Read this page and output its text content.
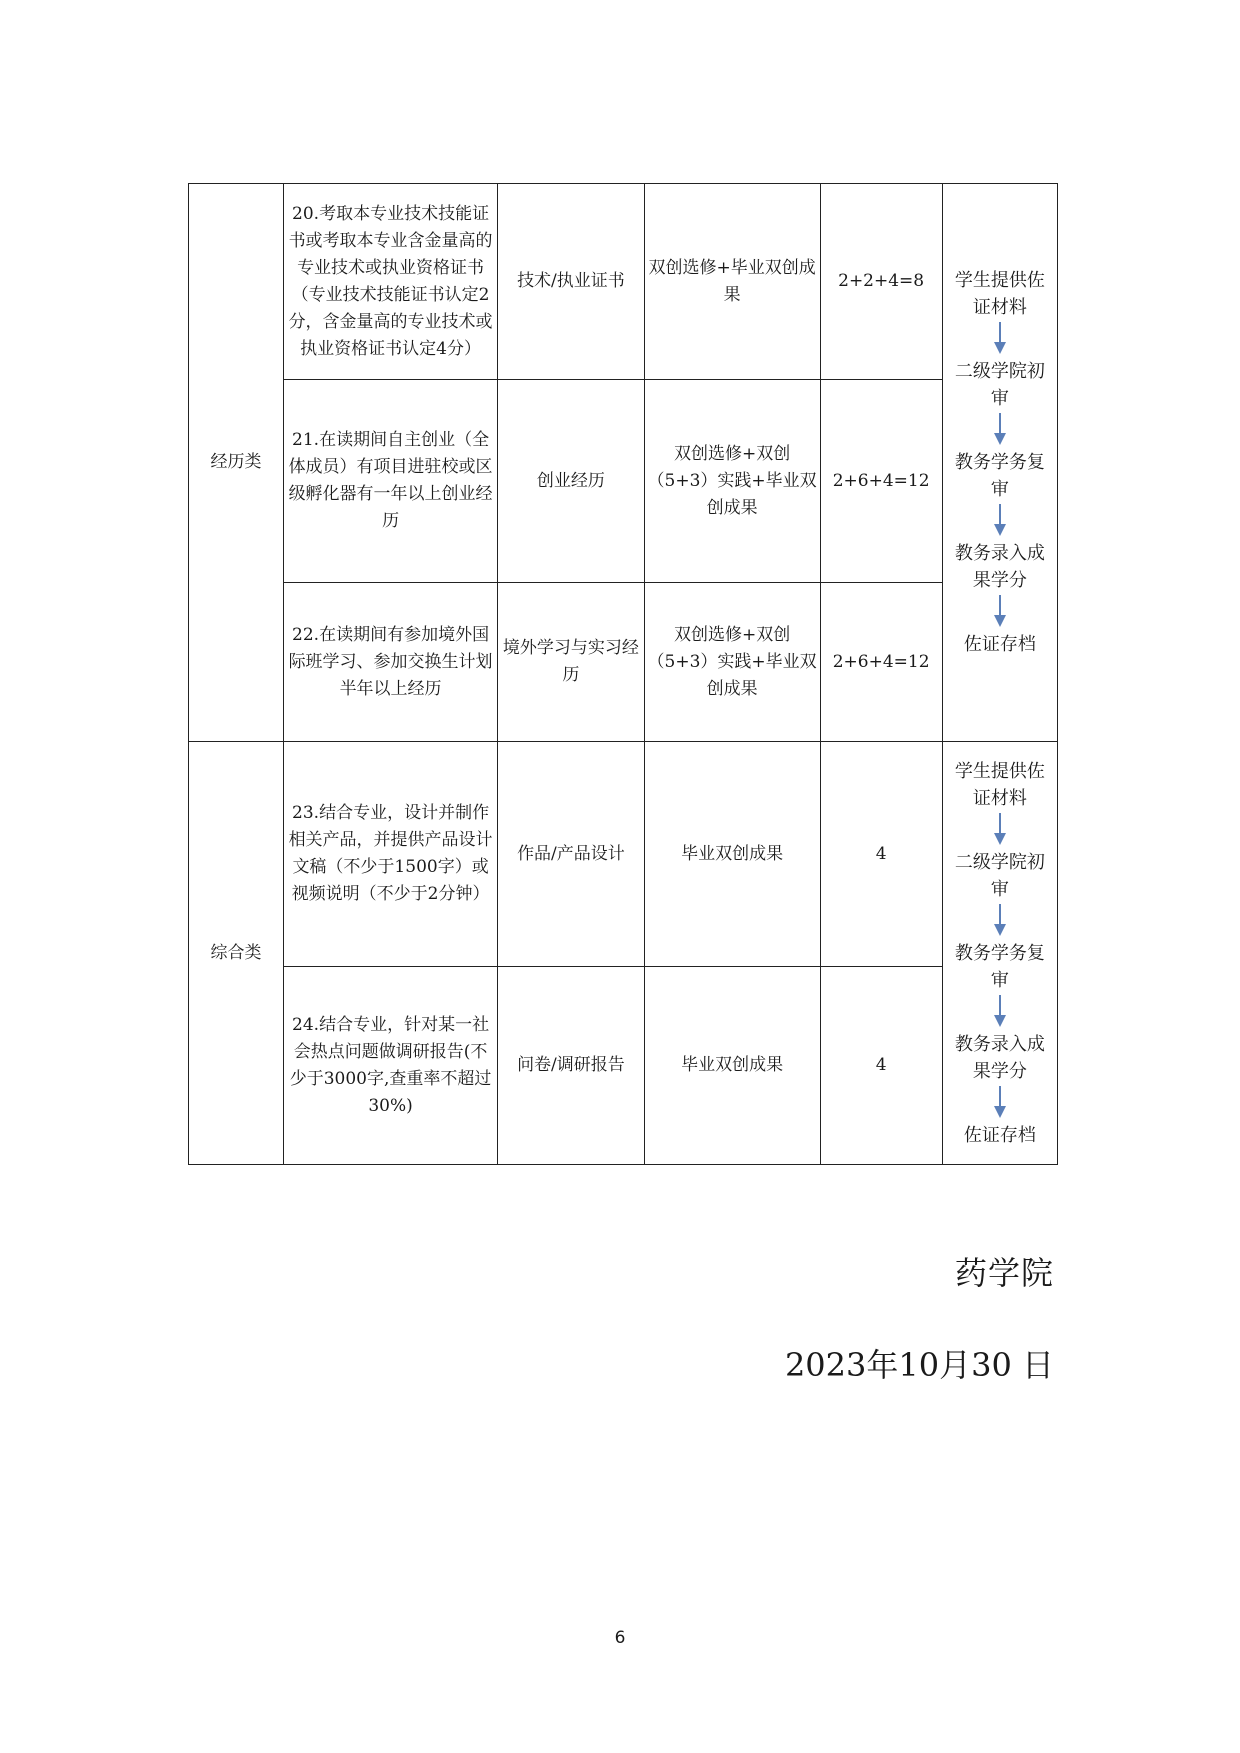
经历类	20.考取本专业技术技能证书或考取本专业含金量高的专业技术或执业资格证书（专业技术技能证书认定2分，含金量高的专业技术或执业资格证书认定4分）	技术/执业证书	双创选修+毕业双创成果	2+2+4=8	学生提供佐证材料
二级学院初审
教务学务复审
教务录入成果学分
佐证存档

	21.在读期间自主创业（全体成员）有项目进驻校或区级孵化器有一年以上创业经历	创业经历	双创选修+双创（5+3）实践+毕业双创成果	2+6+4=12	
	22.在读期间有参加境外国际班学习、参加交换生计划半年以上经历	境外学习与实习经历	双创选修+双创（5+3）实践+毕业双创成果	2+6+4=12	
综合类	23.结合专业，设计并制作相关产品，并提供产品设计文稿（不少于1500字）或视频说明（不少于2分钟）	作品/产品设计	毕业双创成果	4	学生提供佐证材料
二级学院初审
教务学务复审
教务录入成果学分
佐证存档

	24.结合专业，针对某一社会热点问题做调研报告(不少于3000字,查重率不超过30%)	问卷/调研报告	毕业双创成果	4	
药学院
2023年10月30 日
6
